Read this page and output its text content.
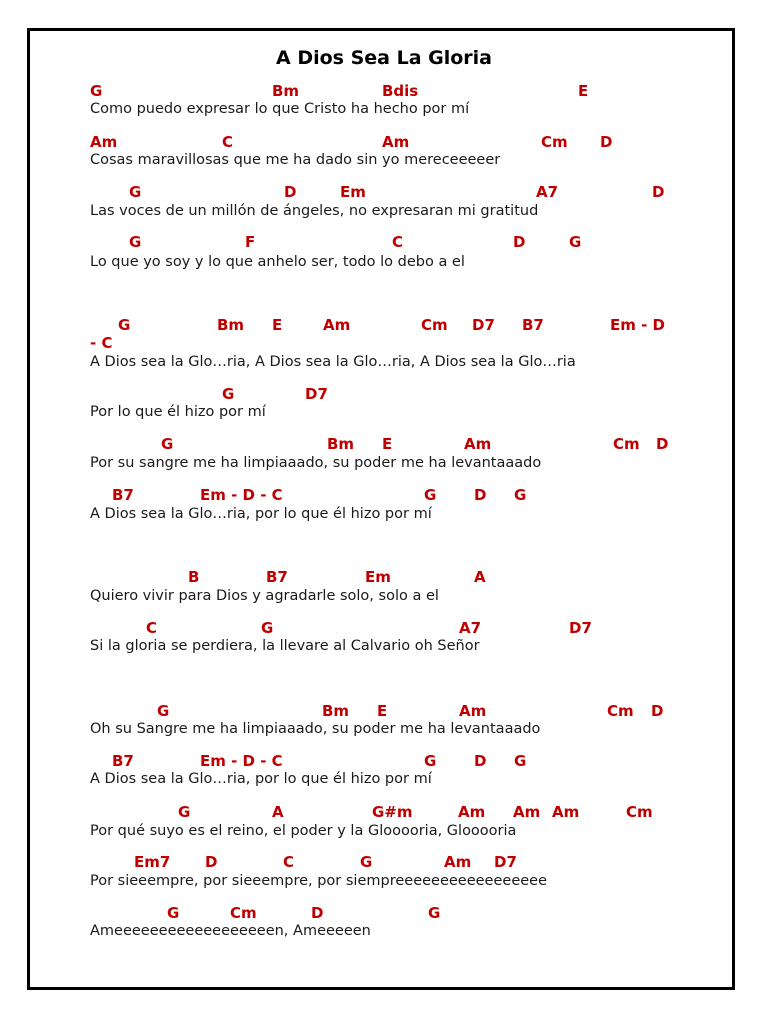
A Dios Sea La Gloria
G	Bm	Bdis	E
Como puedo expresar lo que Cristo ha hecho por mí
Am	C	Am	Cm D
Cosas maravillosas que me ha dado sin yo mereceeeeer
G	D	Em	A7	D
Las voces de un millón de ángeles, no expresaran mi gratitud
G	F	C	D	G
Lo que yo soy y lo que anhelo ser, todo lo debo a el
G	Bm E	Am	Cm D7 B7	Em - D
- C
A Dios sea la Glo…ria, A Dios sea la Glo…ria, A Dios sea la Glo…ria
G	D7
Por lo que él hizo por mí
G	Bm E	Am	Cm D
Por su sangre me ha limpiaaado, su poder me ha levantaaado
B7	Em - D - C	G	D G
A Dios sea la Glo…ria, por lo que él hizo por mí
B	B7	Em	A
Quiero vivir para Dios y agradarle solo, solo a el
C	G	A7	D7
Si la gloria se perdiera, la llevare al Calvario oh Señor
G	Bm E	Am	Cm D
Oh su Sangre me ha limpiaaado, su poder me ha levantaaado
B7	Em - D - C	G	D G
A Dios sea la Glo…ria, por lo que él hizo por mí
G	A	G#m	Am Am Am	Cm
Por qué suyo es el reino, el poder y la Glooooria, Glooooria
Em7 D	C	G	Am D7
Por sieeempre, por sieeempre, por siempreeeeeeeeeeeeeeeee
G	Cm	D	G
Ameeeeeeeeeeeeeeeeeen, Ameeeeen
